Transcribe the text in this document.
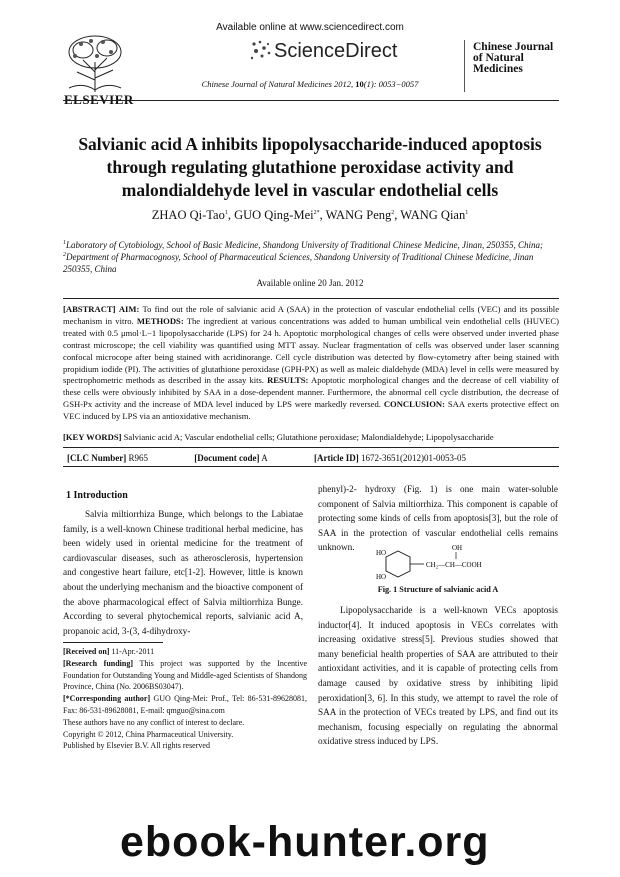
ELSEVIER
Available online at www.sciencedirect.com
ScienceDirect
Chinese Journal of Natural Medicines 2012, 10(1): 0053−0057
Chinese Journal of Natural Medicines
Salvianic acid A inhibits lipopolysaccharide-induced apoptosis through regulating glutathione peroxidase activity and malondialdehyde level in vascular endothelial cells
ZHAO Qi-Tao$^1$, GUO Qing-Mei$^{2*}$, WANG Peng$^2$, WANG Qian$^1$
$^1$Laboratory of Cytobiology, School of Basic Medicine, Shandong University of Traditional Chinese Medicine, Jinan, 250355, China;
$^2$Department of Pharmacognosy, School of Pharmaceutical Sciences, Shandong University of Traditional Chinese Medicine, Jinan 250355, China
Available online 20 Jan. 2012
[ABSTRACT] AIM: To find out the role of salvianic acid A (SAA) in the protection of vascular endothelial cells (VEC) and its possible mechanism in vitro. METHODS: The ingredient at various concentrations was added to human umbilical vein endothelial cells (HUVEC) treated with 0.5 μmol·L−1 lipopolysaccharide (LPS) for 24 h. Apoptotic morphological changes of cells were observed under inverted phase contrast microscope; the cell viability was quantified using MTT assay. Nuclear fragmentation of cells was observed under laser scanning confocal microcope after being stained with acridinorange. Cell cycle distribution was detected by flow-cytometry after being stained with propidium iodide (PI). The activities of glutathione peroxidase (GPH-PX) as well as maleic dialdehyde (MDA) level in cells were measured by spectrophometric methods as described in the assay kits. RESULTS: Apoptotic morphological changes and the decrease of cell viability of these cells were obviously inhibited by SAA in a dose-dependent manner. Furthermore, the abnormal cell cycle distribution, the decrease of GSH-Px activity and the increase of MDA level induced by LPS were markedly reversed. CONCLUSION: SAA exerts protective effect on VEC induced by LPS via an antioxidative mechanism.
[KEY WORDS] Salvianic acid A; Vascular endothelial cells; Glutathione peroxidase; Malondialdehyde; Lipopolysaccharide
[CLC Number] R965	[Document code] A	[Article ID] 1672-3651(2012)01-0053-05
1 Introduction
Salvia miltiorrhiza Bunge, which belongs to the Labiatae family, is a well-known Chinese traditional herbal medicine, has been widely used in oriental medicine for the treatment of cardiovascular diseases, such as atherosclerosis, hypertension and congestive heart failure, etc[1-2]. However, little is known about the underlying mechanism and the bioactive component of the above pharmacological effect of Salvia miltiorrhiza Bunge. According to several phytochemical reports, salvianic acid A, propanoic acid, 3-(3, 4-dihydroxy-
phenyl)-2- hydroxy (Fig. 1) is one main water-soluble component of Salvia miltiorrhiza. This component is capable of protecting some kinds of cells from apoptosis[3], but the role of SAA in the protection of vascular endothelial cells remains unknown.
HO
HO
OH
CH₂—CH—COOH
Fig. 1 Structure of salvianic acid A
Lipopolysaccharide is a well-known VECs apoptosis inductor[4]. It induced apoptosis in VECs correlates with increasing oxidative stress[5]. Previous studies showed that many beneficial health properties of SAA are attributed to their antioxidant activities, and it is capable of protecting cells from damage caused by oxidative stress by inhibiting lipid peroxidation[3, 6]. In this study, we attempt to ravel the role of SAA in the protection of VECs treated by LPS, and find out its mechanism, focusing especially on regulating the abnormal oxidative stress induced by LPS.
[Received on] 11-Apr.-2011
[Research funding] This project was supported by the Incentive Foundation for Outstanding Young and Middle-aged Scientists of Shandong Province, China (No. 2006BS03047).
[*Corresponding author] GUO Qing-Mei: Prof., Tel: 86-531-89628081, Fax: 86-531-89628081, E-mail: qmguo@sina.com
These authors have no any conflict of interest to declare.
Copyright © 2012, China Pharmaceutical University.
Published by Elsevier B.V. All rights reserved
ebook-hunter.org
